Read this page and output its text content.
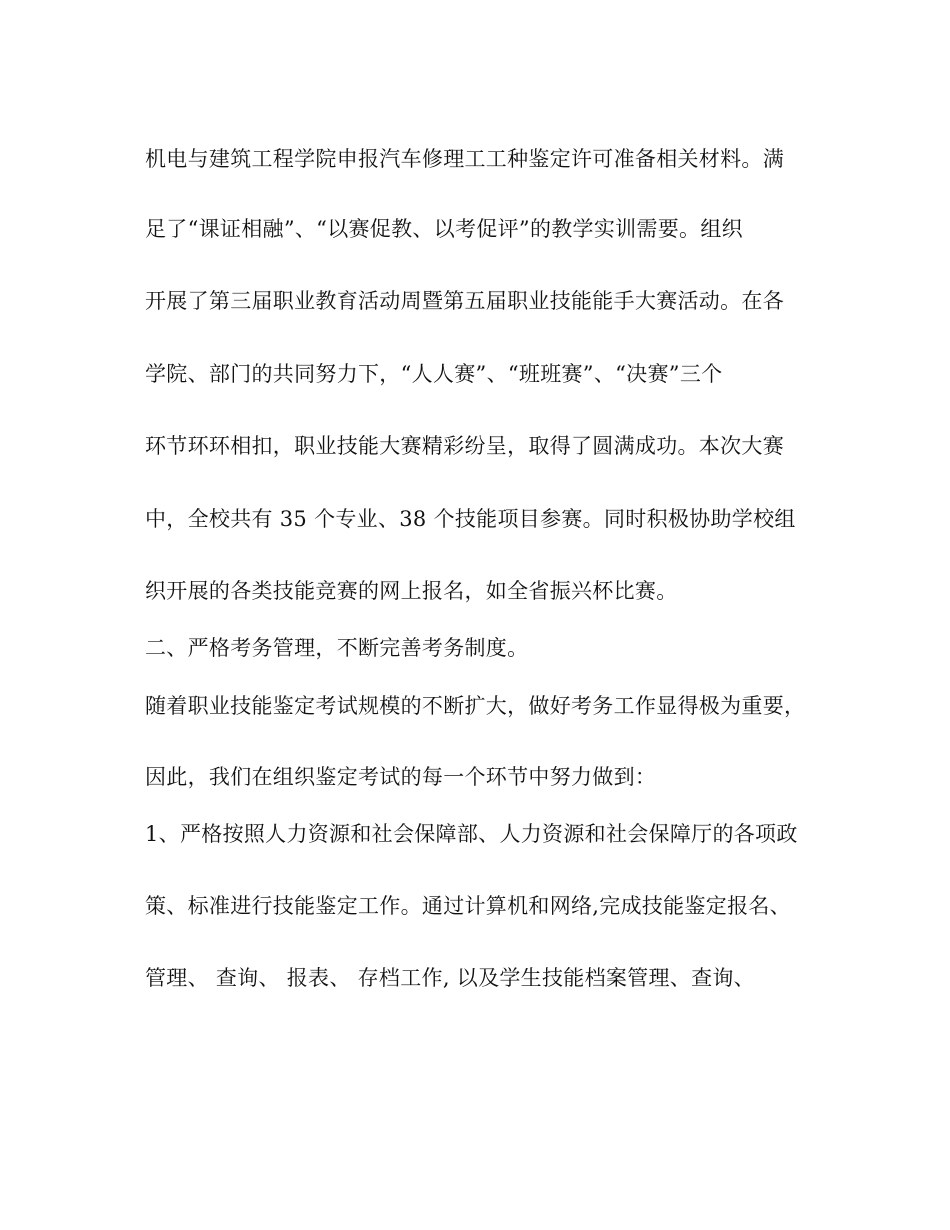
机电与建筑工程学院申报汽车修理工工种鉴定许可准备相关材料。满
足了“课证相融”、“以赛促教、以考促评”的教学实训需要。组织
开展了第三届职业教育活动周暨第五届职业技能能手大赛活动。在各
学院、部门的共同努力下，“人人赛”、“班班赛”、“决赛”三个
环节环环相扣，职业技能大赛精彩纷呈，取得了圆满成功。本次大赛
中，全校共有 35 个专业、38 个技能项目参赛。同时积极协助学校组
织开展的各类技能竞赛的网上报名，如全省振兴杯比赛。
二、严格考务管理，不断完善考务制度。
随着职业技能鉴定考试规模的不断扩大，做好考务工作显得极为重要，
因此，我们在组织鉴定考试的每一个环节中努力做到：
1、严格按照人力资源和社会保障部、人力资源和社会保障厅的各项政
策、标准进行技能鉴定工作。通过计算机和网络,完成技能鉴定报名、
管理、 查询、 报表、 存档工作, 以及学生技能档案管理、查询、
